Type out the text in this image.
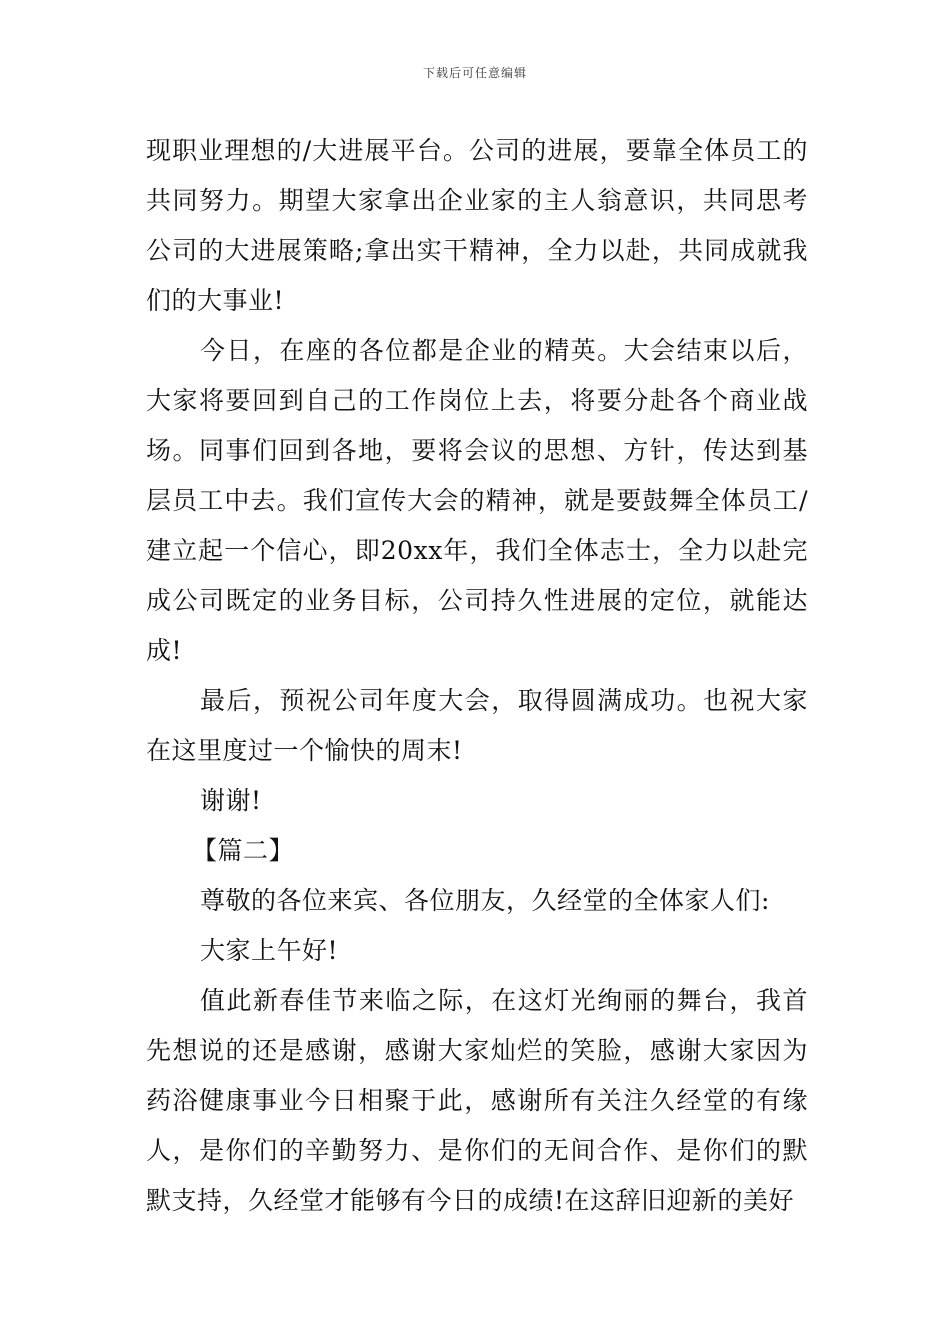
下载后可任意编辑

现职业理想的/大进展平台。公司的进展，要靠全体员工的共同努力。期望大家拿出企业家的主人翁意识，共同思考公司的大进展策略;拿出实干精神，全力以赴，共同成就我们的大事业!

今日，在座的各位都是企业的精英。大会结束以后，大家将要回到自己的工作岗位上去，将要分赴各个商业战场。同事们回到各地，要将会议的思想、方针，传达到基层员工中去。我们宣传大会的精神，就是要鼓舞全体员工/建立起一个信心，即20xx年，我们全体志士，全力以赴完成公司既定的业务目标，公司持久性进展的定位，就能达成!

最后，预祝公司年度大会，取得圆满成功。也祝大家在这里度过一个愉快的周末!

谢谢!

【篇二】

尊敬的各位来宾、各位朋友，久经堂的全体家人们:

大家上午好!

值此新春佳节来临之际，在这灯光绚丽的舞台，我首先想说的还是感谢，感谢大家灿烂的笑脸，感谢大家因为药浴健康事业今日相聚于此，感谢所有关注久经堂的有缘人，是你们的辛勤努力、是你们的无间合作、是你们的默默支持，久经堂才能够有今日的成绩!在这辞旧迎新的美好
